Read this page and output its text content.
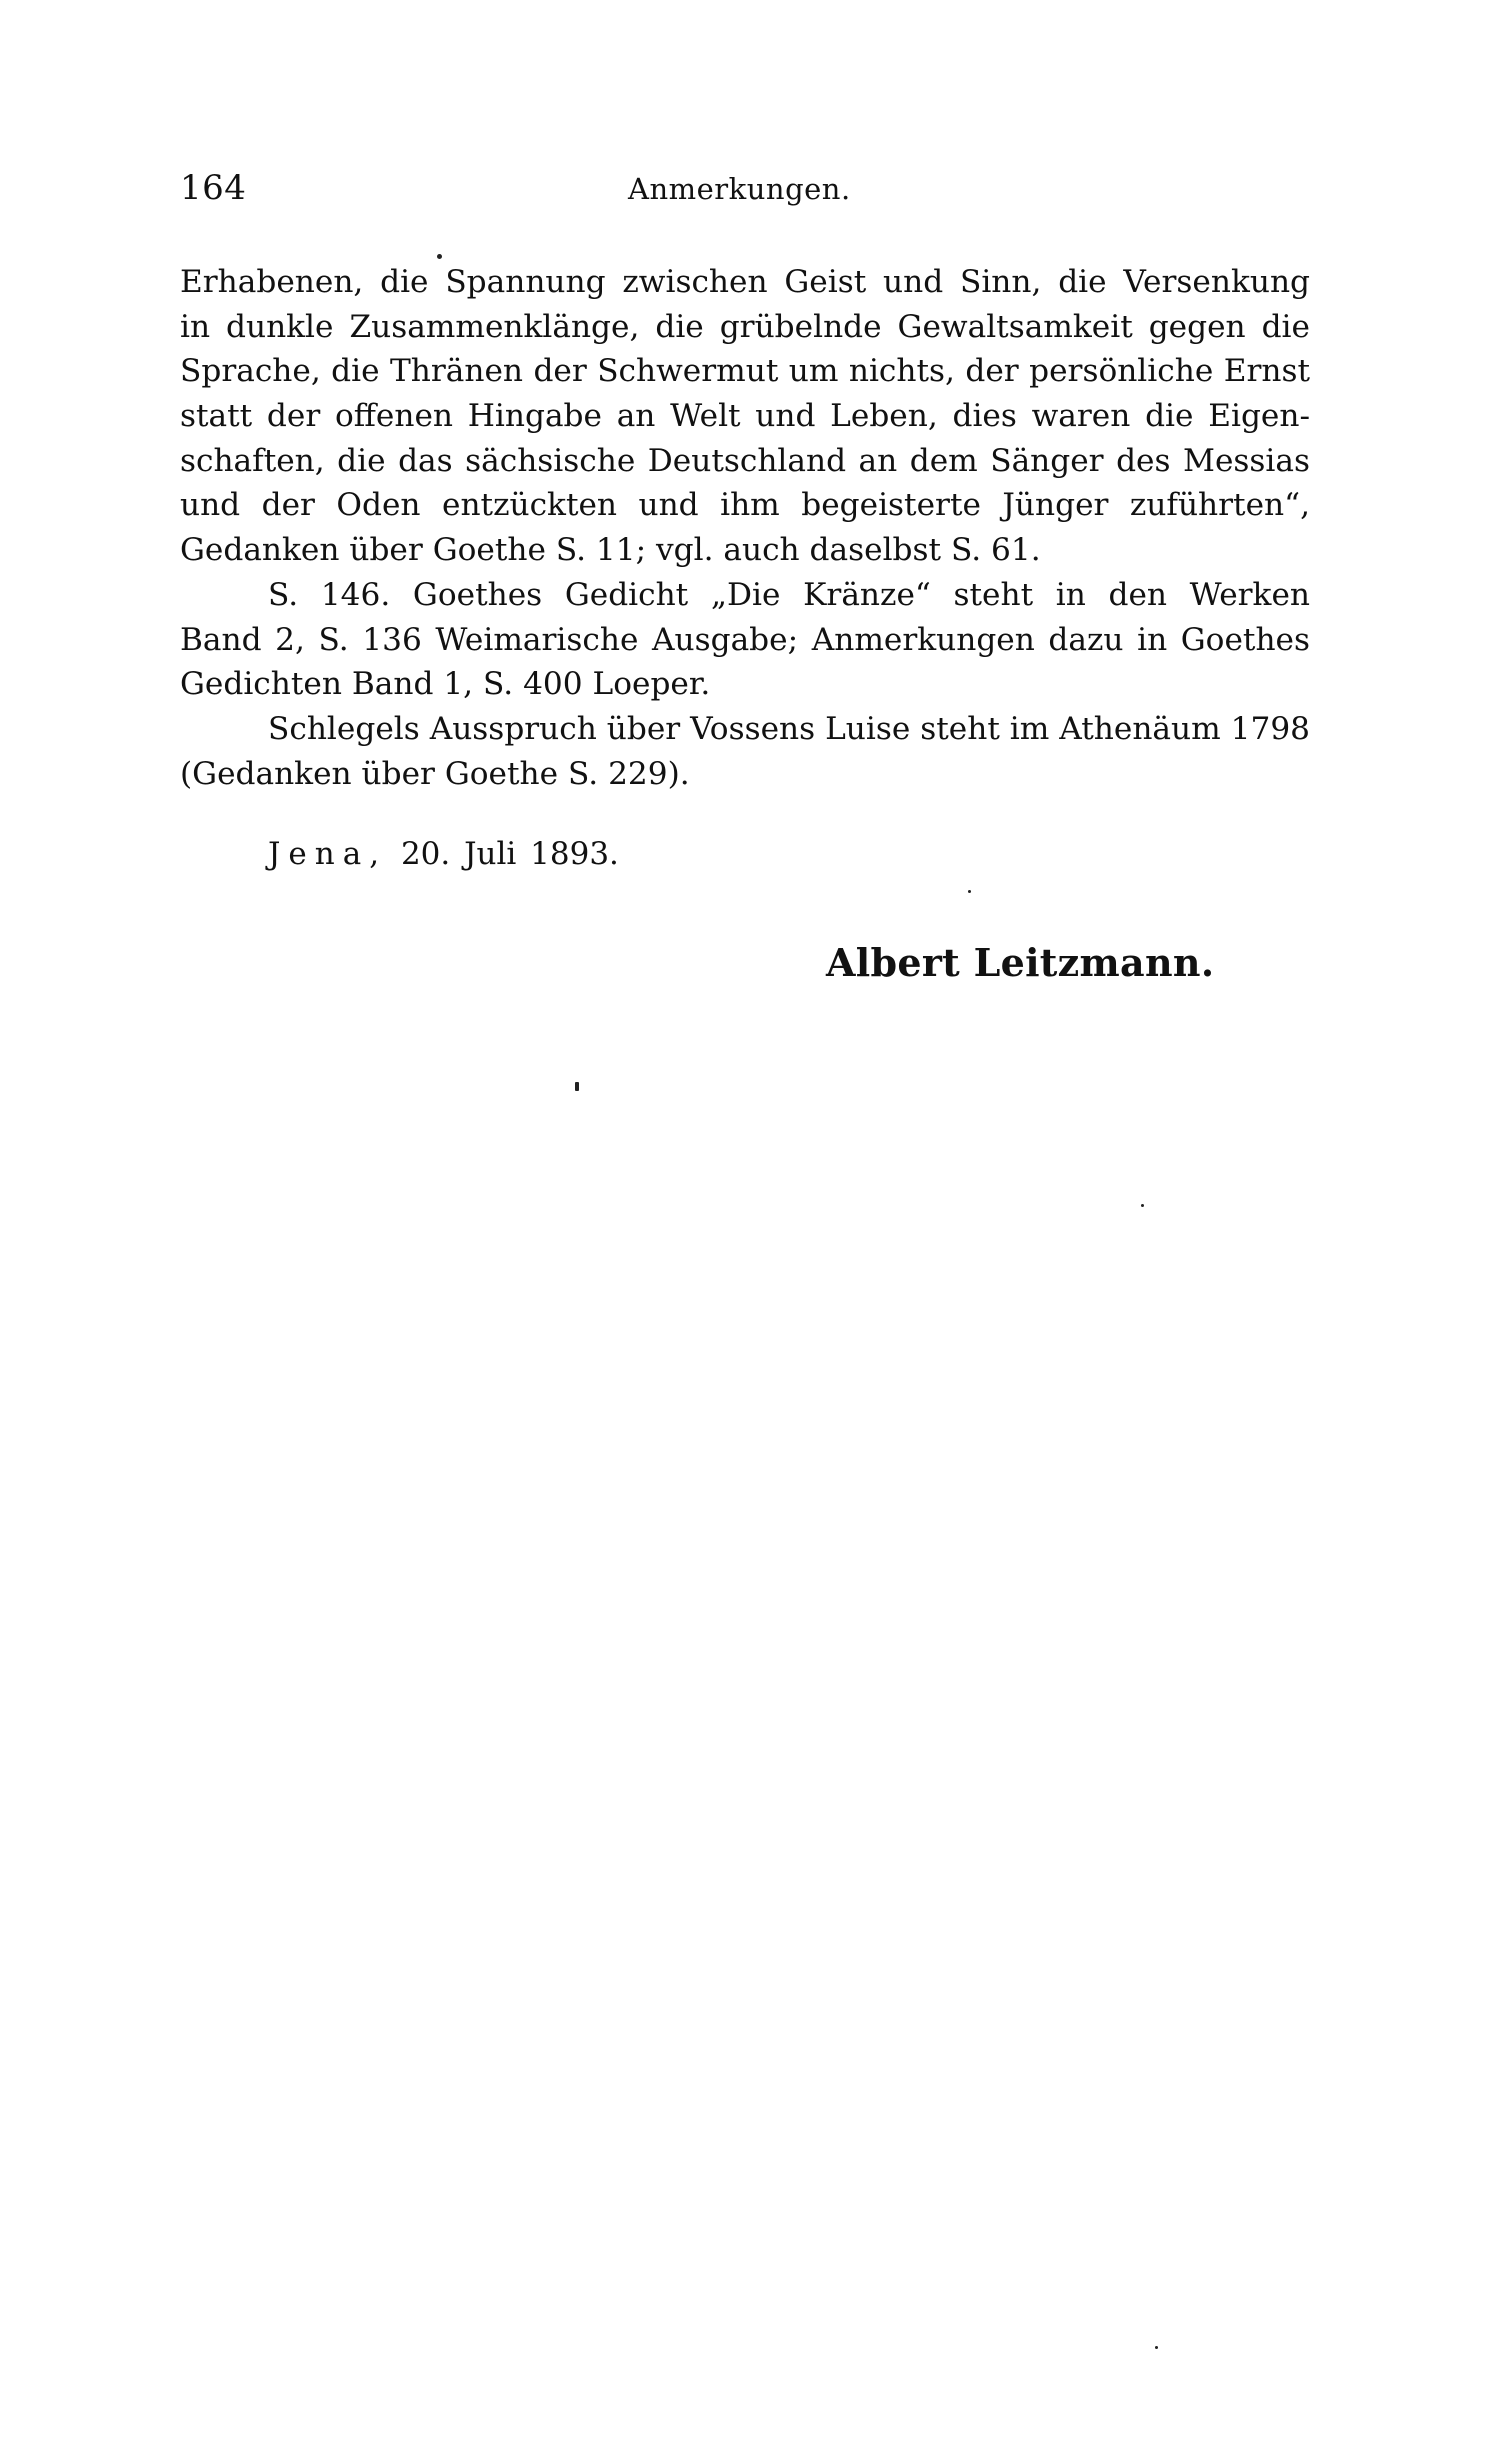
164	Anmerkungen.
Erhabenen, die Spannung zwischen Geist und Sinn, die Versenkung
in dunkle Zusammenklänge, die grübelnde Gewaltsamkeit gegen die
Sprache, die Thränen der Schwermut um nichts, der persönliche Ernst
statt der offenen Hingabe an Welt und Leben, dies waren die Eigen-
schaften, die das sächsische Deutschland an dem Sänger des Messias
und der Oden entzückten und ihm begeisterte Jünger zuführten“,
Gedanken über Goethe S. 11; vgl. auch daselbst S. 61.
S. 146. Goethes Gedicht „Die Kränze“ steht in den Werken
Band 2, S. 136 Weimarische Ausgabe; Anmerkungen dazu in Goethes
Gedichten Band 1, S. 400 Loeper.
Schlegels Ausspruch über Vossens Luise steht im Athenäum 1798
(Gedanken über Goethe S. 229).
Jena, 20. Juli 1893.
Albert Leitzmann.
